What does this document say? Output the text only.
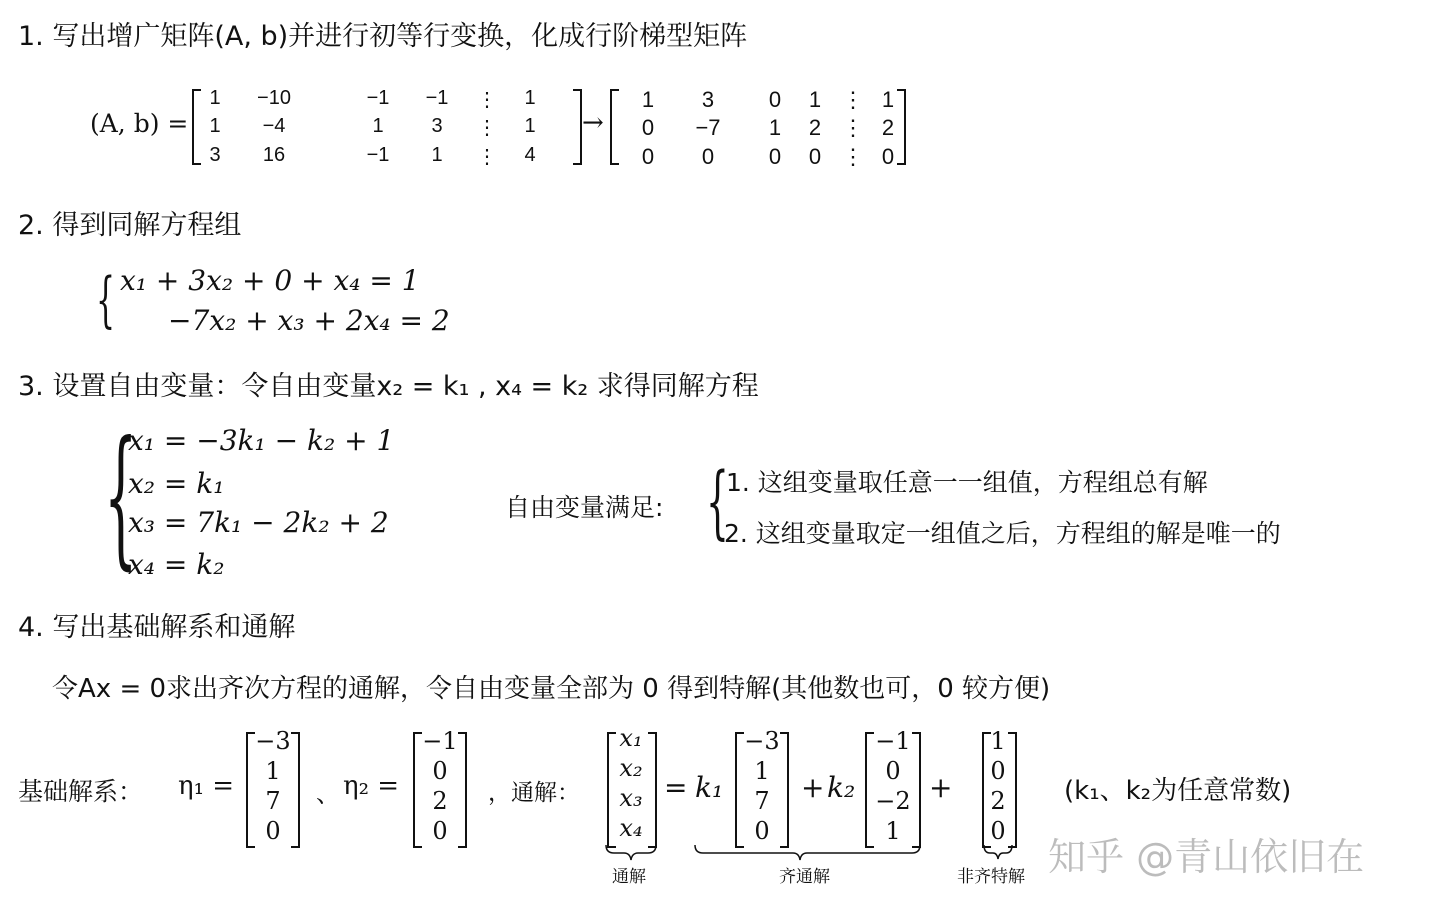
1. 写出增广矩阵(A, b)并进行初等行变换，化成行阶梯型矩阵
(A, b) =
1	−10	−1	−1	⋮	1
1	−4	1	3	⋮	1
3	16	−1	1	⋮	4
→
1	3	0	1 ⋮ 1
0	−7	1	2 ⋮ 2
0	0	0	0 ⋮ 0
2. 得到同解方程组
{ x₁ + 3x₂ + 0 + x₄ = 1
−7x₂ + x₃ + 2x₄ = 2
3. 设置自由变量：令自由变量x₂ = k₁ , x₄ = k₂ 求得同解方程
{
x₁ = −3k₁ − k₂ + 1
x₂ = k₁
x₃ = 7k₁ − 2k₂ + 2
x₄ = k₂
自由变量满足: {
1. 这组变量取任意一一组值，方程组总有解
2. 这组变量取定一组值之后，方程组的解是唯一的
4. 写出基础解系和通解
令Ax = 0求出齐次方程的通解，令自由变量全部为 0 得到特解(其他数也可，0 较方便)
基础解系： η₁ =
−3
1
7
0
、 η₂ =
−1
0
2
0
，通解：
x₁
x₂
x₃
x₄
= k₁
−3
1
7
0
+ k₂
−1
0
−2
1
+
1
0
2
0
(k₁、k₂为任意常数)
通解	齐通解	非齐特解 知乎 @青山依旧在
